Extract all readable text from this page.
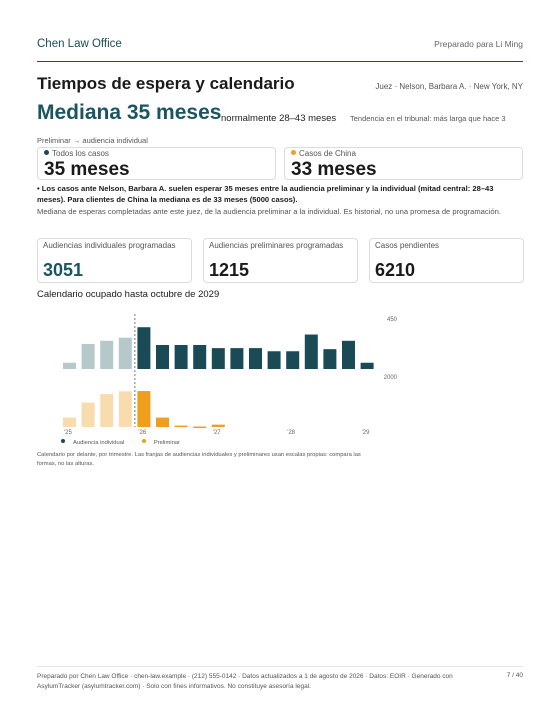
Chen Law Office	Preparado para Li Ming
Tiempos de espera y calendario	Juez · Nelson, Barbara A. · New York, NY
Mediana 35 meses normalmente 28–43 meses Tendencia en el tribunal: más larga que hace 3
Preliminar → audiencia individual
Todos los casos
35 meses
Casos de China
33 meses
• Los casos ante Nelson, Barbara A. suelen esperar 35 meses entre la audiencia preliminar y la individual (mitad central: 28–43 meses). Para clientes de China la mediana es de 33 meses (5000 casos).
Mediana de esperas completadas ante este juez, de la audiencia preliminar a la individual. Es historial, no una promesa de programación.
Audiencias individuales programadas
3051
Audiencias preliminares programadas
1215
Casos pendientes
6210
Calendario ocupado hasta octubre de 2029
450
2000
'25	'26	'27	'28	'29
Audiencia individual	Preliminar
Calendario por delante, por trimestre. Las franjas de audiencias individuales y preliminares usan escalas propias: compara las formas, no las alturas.
Preparado por Chen Law Office · chen-law.example · (212) 555-0142 · Datos actualizados a 1 de agosto de 2026 · Datos: EOIR · Generado con AsylumTracker (asylumtracker.com) · Solo con fines informativos. No constituye asesoría legal.
7 / 40
